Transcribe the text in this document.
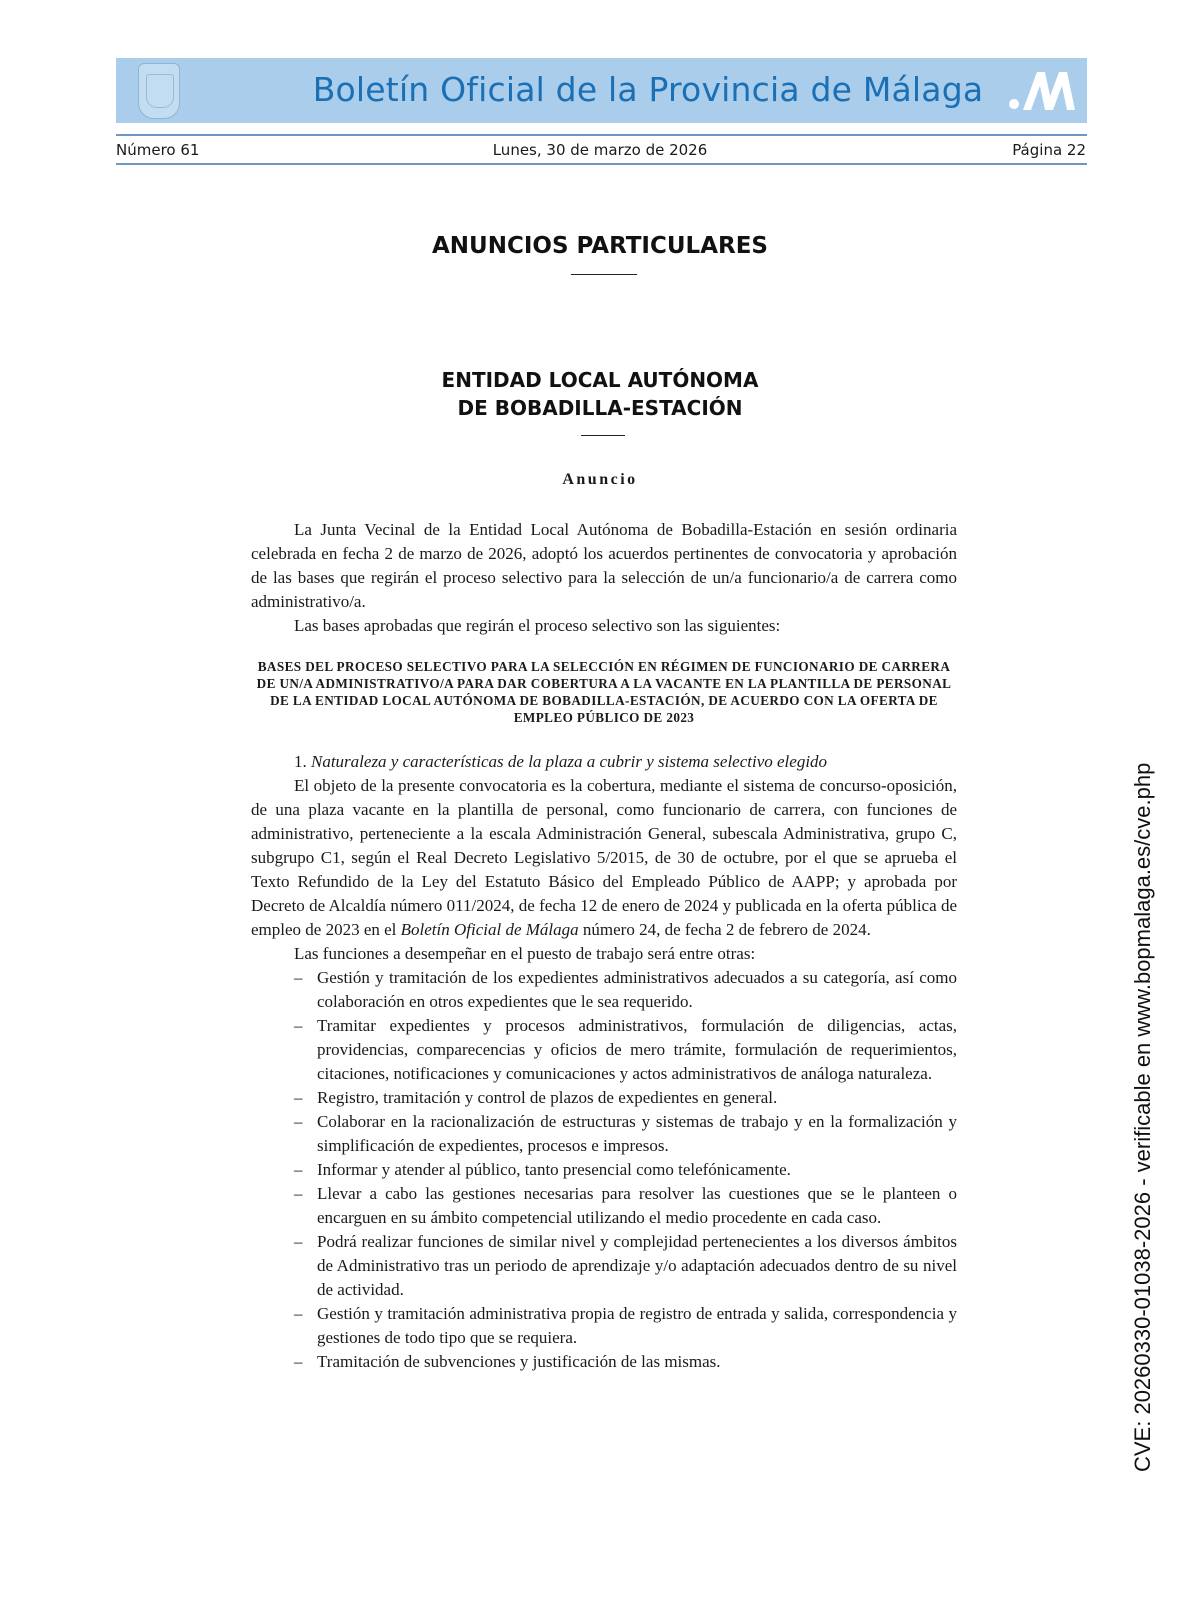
Boletín Oficial de la Provincia de Málaga
Número 61	Lunes, 30 de marzo de 2026	Página 22
ANUNCIOS PARTICULARES
ENTIDAD LOCAL AUTÓNOMA
DE BOBADILLA-ESTACIÓN
Anuncio

La Junta Vecinal de la Entidad Local Autónoma de Bobadilla-Estación en sesión ordinaria celebrada en fecha 2 de marzo de 2026, adoptó los acuerdos pertinentes de convocatoria y aprobación de las bases que regirán el proceso selectivo para la selección de un/a funcionario/a de carrera como administrativo/a.

Las bases aprobadas que regirán el proceso selectivo son las siguientes:

BASES DEL PROCESO SELECTIVO PARA LA SELECCIÓN EN RÉGIMEN DE FUNCIONARIO DE CARRERA DE UN/A ADMINISTRATIVO/A PARA DAR COBERTURA A LA VACANTE EN LA PLANTILLA DE PERSONAL DE LA ENTIDAD LOCAL AUTÓNOMA DE BOBADILLA-ESTACIÓN, DE ACUERDO CON LA OFERTA DE EMPLEO PÚBLICO DE 2023

1. Naturaleza y características de la plaza a cubrir y sistema selectivo elegido

El objeto de la presente convocatoria es la cobertura, mediante el sistema de concurso-oposición, de una plaza vacante en la plantilla de personal, como funcionario de carrera, con funciones de administrativo, perteneciente a la escala Administración General, subescala Administrativa, grupo C, subgrupo C1, según el Real Decreto Legislativo 5/2015, de 30 de octubre, por el que se aprueba el Texto Refundido de la Ley del Estatuto Básico del Empleado Público de AAPP; y aprobada por Decreto de Alcaldía número 011/2024, de fecha 12 de enero de 2024 y publicada en la oferta pública de empleo de 2023 en el Boletín Oficial de Málaga número 24, de fecha 2 de febrero de 2024.

Las funciones a desempeñar en el puesto de trabajo será entre otras:

– Gestión y tramitación de los expedientes administrativos adecuados a su categoría, así como colaboración en otros expedientes que le sea requerido.
– Tramitar expedientes y procesos administrativos, formulación de diligencias, actas, providencias, comparecencias y oficios de mero trámite, formulación de requerimientos, citaciones, notificaciones y comunicaciones y actos administrativos de análoga naturaleza.
– Registro, tramitación y control de plazos de expedientes en general.
– Colaborar en la racionalización de estructuras y sistemas de trabajo y en la formalización y simplificación de expedientes, procesos e impresos.
– Informar y atender al público, tanto presencial como telefónicamente.
– Llevar a cabo las gestiones necesarias para resolver las cuestiones que se le planteen o encarguen en su ámbito competencial utilizando el medio procedente en cada caso.
– Podrá realizar funciones de similar nivel y complejidad pertenecientes a los diversos ámbitos de Administrativo tras un periodo de aprendizaje y/o adaptación adecuados dentro de su nivel de actividad.
– Gestión y tramitación administrativa propia de registro de entrada y salida, correspondencia y gestiones de todo tipo que se requiera.
– Tramitación de subvenciones y justificación de las mismas.	CVE: 20260330-01038-2026 - verificable en www.bopmalaga.es/cve.php
